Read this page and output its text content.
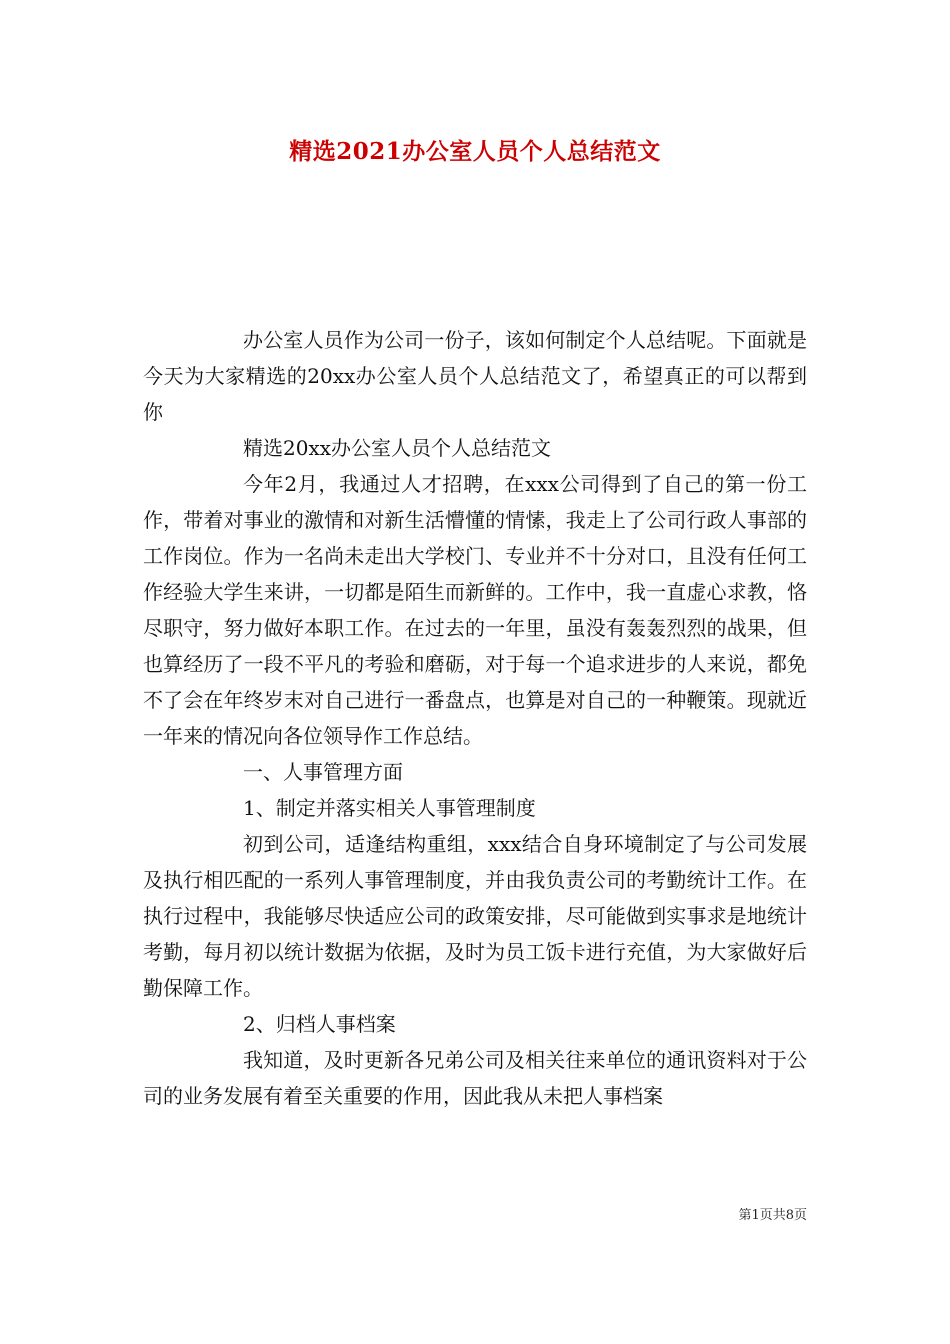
精选2021办公室人员个人总结范文

办公室人员作为公司一份子，该如何制定个人总结呢。下面就是今天为大家精选的20xx办公室人员个人总结范文了，希望真正的可以帮到你

精选20xx办公室人员个人总结范文

今年2月，我通过人才招聘，在xxx公司得到了自己的第一份工作，带着对事业的激情和对新生活懵懂的情愫，我走上了公司行政人事部的工作岗位。作为一名尚未走出大学校门、专业并不十分对口，且没有任何工作经验大学生来讲，一切都是陌生而新鲜的。工作中，我一直虚心求教，恪尽职守，努力做好本职工作。在过去的一年里，虽没有轰轰烈烈的战果，但也算经历了一段不平凡的考验和磨砺，对于每一个追求进步的人来说，都免不了会在年终岁末对自己进行一番盘点，也算是对自己的一种鞭策。现就近一年来的情况向各位领导作工作总结。

一、人事管理方面

1、制定并落实相关人事管理制度

初到公司，适逢结构重组，xxx结合自身环境制定了与公司发展及执行相匹配的一系列人事管理制度，并由我负责公司的考勤统计工作。在执行过程中，我能够尽快适应公司的政策安排，尽可能做到实事求是地统计考勤，每月初以统计数据为依据，及时为员工饭卡进行充值，为大家做好后勤保障工作。

2、归档人事档案

我知道，及时更新各兄弟公司及相关往来单位的通讯资料对于公司的业务发展有着至关重要的作用，因此我从未把人事档案

第1页共8页
